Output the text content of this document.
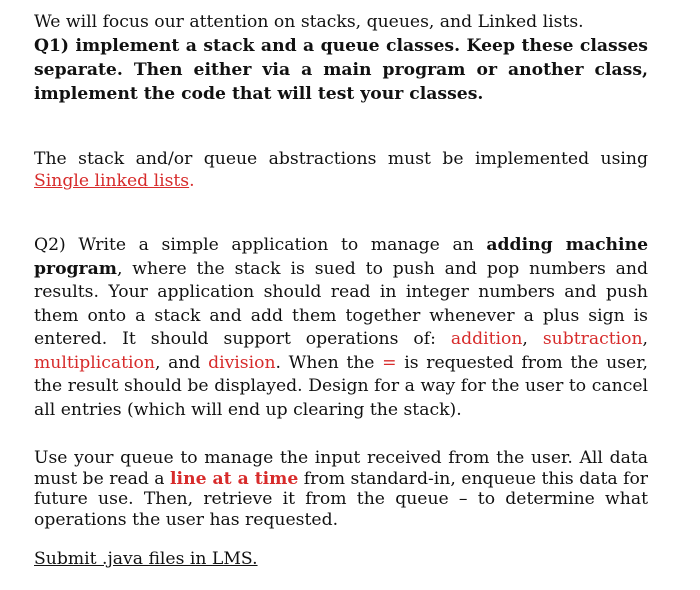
We will focus our attention on stacks, queues, and Linked lists.

Q1) implement a stack and a queue classes. Keep these classes separate. Then either via a main program or another class, implement the code that will test your classes.

The stack and/or queue abstractions must be implemented using Single linked lists.

Q2) Write a simple application to manage an adding machine program, where the stack is sued to push and pop numbers and results. Your application should read in integer numbers and push them onto a stack and add them together whenever a plus sign is entered. It should support operations of: addition, subtraction, multiplication, and division. When the = is requested from the user, the result should be displayed. Design for a way for the user to cancel all entries (which will end up clearing the stack).

Use your queue to manage the input received from the user. All data must be read a line at a time from standard-in, enqueue this data for future use. Then, retrieve it from the queue – to determine what operations the user has requested.

Submit .java files in LMS.
